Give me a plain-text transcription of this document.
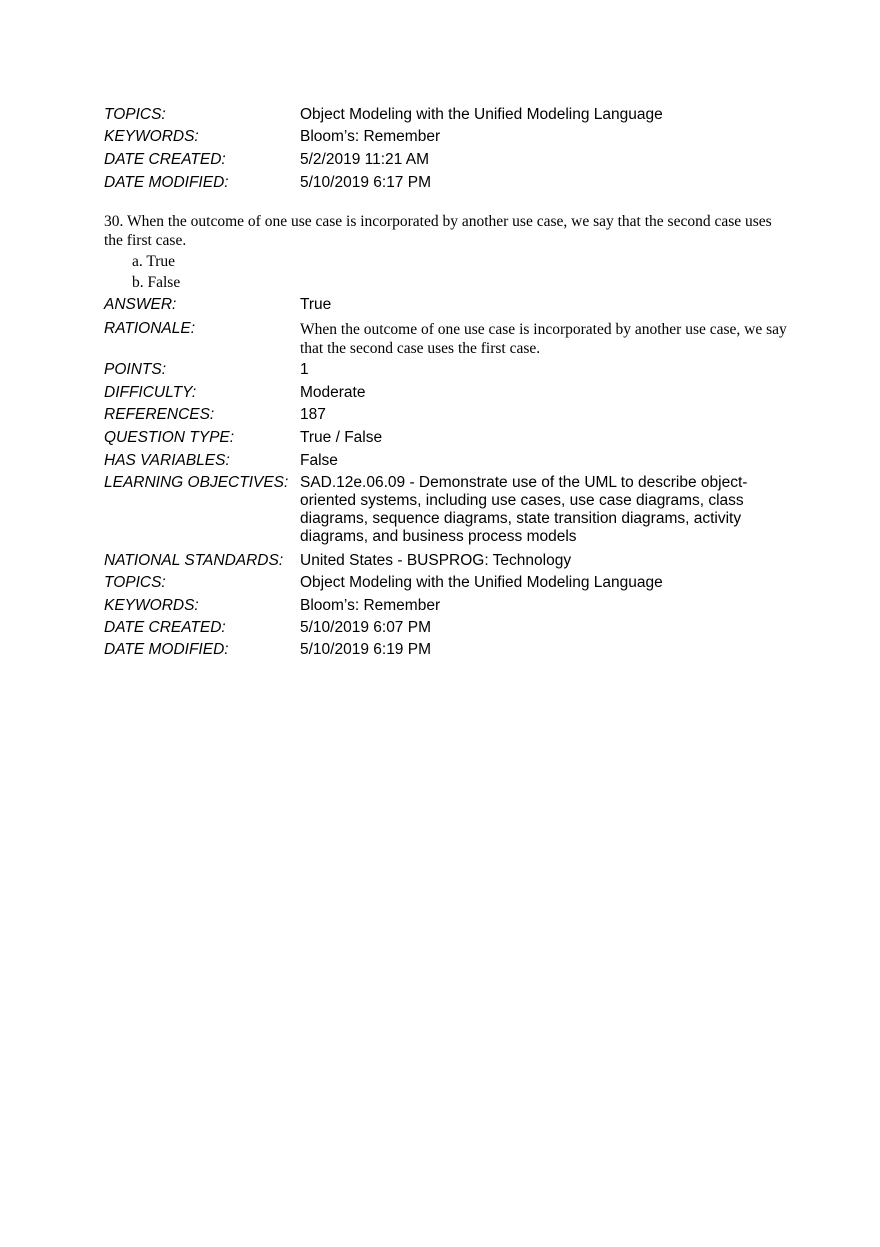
TOPICS:	Object Modeling with the Unified Modeling Language
KEYWORDS:	Bloom’s: Remember
DATE CREATED:	5/2/2019 11:21 AM
DATE MODIFIED:	5/10/2019 6:17 PM
30. When the outcome of one use case is incorporated by another use case, we say that the second case uses the first case.
a. True
b. False
ANSWER:	True
RATIONALE:	When the outcome of one use case is incorporated by another use case, we say that the second case uses the first case.
POINTS:	1
DIFFICULTY:	Moderate
REFERENCES:	187
QUESTION TYPE:	True / False
HAS VARIABLES:	False
LEARNING OBJECTIVES: SAD.12e.06.09 - Demonstrate use of the UML to describe object-oriented systems, including use cases, use case diagrams, class diagrams, sequence diagrams, state transition diagrams, activity diagrams, and business process models
NATIONAL STANDARDS:	United States - BUSPROG: Technology
TOPICS:	Object Modeling with the Unified Modeling Language
KEYWORDS:	Bloom’s: Remember
DATE CREATED:	5/10/2019 6:07 PM
DATE MODIFIED:	5/10/2019 6:19 PM
